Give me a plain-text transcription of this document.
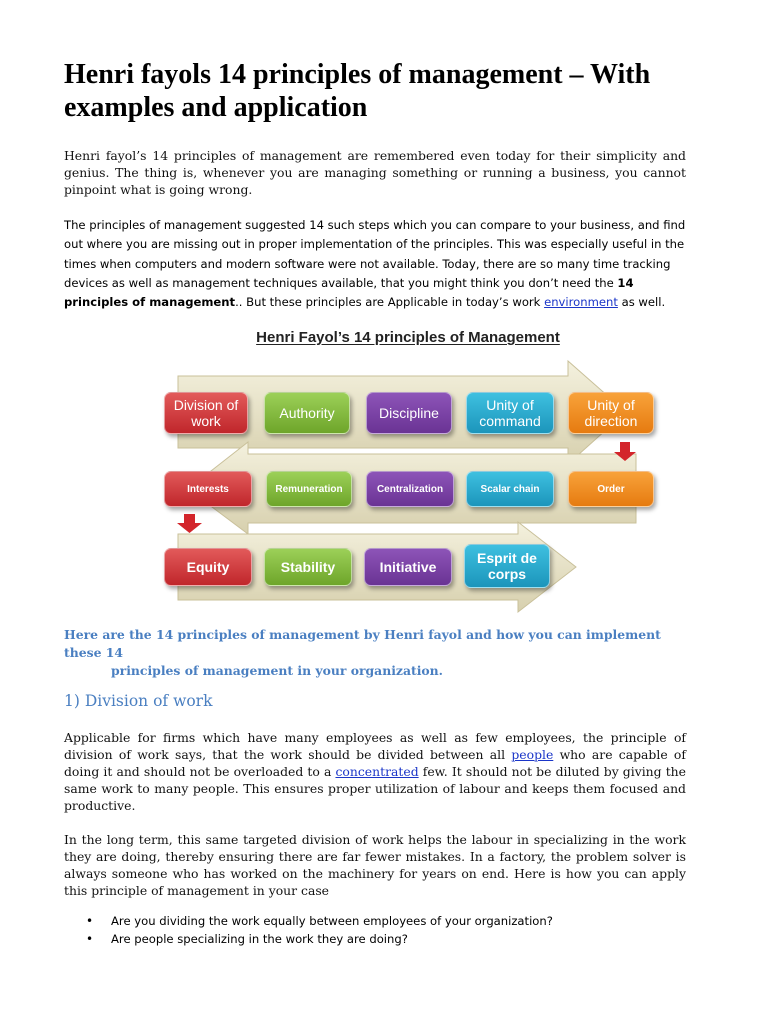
Henri fayols 14 principles of management – With examples and application

Henri fayol’s 14 principles of management are remembered even today for their simplicity and genius. The thing is, whenever you are managing something or running a business, you cannot pinpoint what is going wrong.

The principles of management suggested 14 such steps which you can compare to your business, and find out where you are missing out in proper implementation of the principles. This was especially useful in the times when computers and modern software were not available. Today, there are so many time tracking devices as well as management techniques available, that you might think you don’t need the 14 principles of management.. But these principles are Applicable in today’s work environment as well.

Henri Fayol’s 14 principles of Management
Division of work	Authority	Discipline	Unity of command
Unity of direction
Interests	Remuneration	Centralization	Scalar chain	Order
Equity	Stability	Initiative
Esprit de corps

Here are the 14 principles of management by Henri fayol and how you can implement these 14
principles of management in your organization.

1) Division of work

Applicable for firms which have many employees as well as few employees, the principle of division of work says, that the work should be divided between all people who are capable of doing it and should not be overloaded to a concentrated few. It should not be diluted by giving the same work to many people. This ensures proper utilization of labour and keeps them focused and productive.

In the long term, this same targeted division of work helps the labour in specializing in the work they are doing, thereby ensuring there are far fewer mistakes. In a factory, the problem solver is always someone who has worked on the machinery for years on end. Here is how you can apply this principle of management in your case

• Are you dividing the work equally between employees of your organization?
• Are people specializing in the work they are doing?
